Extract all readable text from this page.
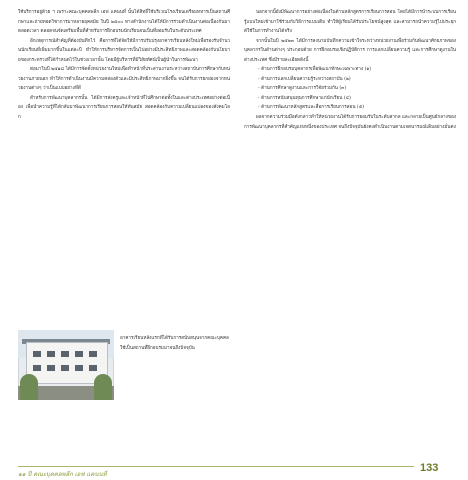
ใช้บริการอยู่ด้วย ฯ เพราะคณะบุคคลพลีก เอฟ แคนนที่ นั้นได้สิทธิ์ใช้บริเวณโรงเรียนเตรียมทหารเป็นสถานศึกษาและถ่ายทอดวิชาการมาหลายยุคสมัย ในปี ๒๕๐๐ ทางสำนักงานได้ให้มีการร่วมดำเนินงานต่อเนื่องกันมาตลอดเวลา ตลอดจนจัดเตรียมพื้นที่สำหรับการฝึกอบรมนักเรียนจนเป็นที่ยอมรับในระดับประเทศ

อีกเหตุการณ์สำคัญที่ต้องบันทึกไว้ คือการที่ได้จัดให้มีการปรับปรุงอาคารเรียนหลังใหม่เพื่อรองรับจำนวนนักเรียนที่เพิ่มมากขึ้นในแต่ละปี ทำให้การบริหารจัดการเป็นไปอย่างมีประสิทธิภาพและสอดคล้องกับนโยบายของกระทรวงที่ได้กำหนดไว้ในช่วงเวลานั้น โดยมีผู้บริหารที่มีวิสัยทัศน์เป็นผู้นำในการพัฒนา

ต่อมาในปี ๒๕๑๘ ได้มีการจัดตั้งหน่วยงานใหม่เพื่อทำหน้าที่ประสานงานระหว่างสถาบันการศึกษากับหน่วยงานภายนอก ทำให้การดำเนินงานมีความคล่องตัวและมีประสิทธิภาพมากยิ่งขึ้น จนได้รับการยกย่องจากหน่วยงานต่างๆ ว่าเป็นแบบอย่างที่ดี

สำหรับการพัฒนาบุคลากรนั้น ได้มีการส่งครูและเจ้าหน้าที่ไปศึกษาต่อทั้งในและต่างประเทศอย่างต่อเนื่อง เพื่อนำความรู้ที่ได้กลับมาพัฒนาการเรียนการสอนให้ทันสมัย สอดคล้องกับความเปลี่ยนแปลงของสังคมโลก

อาคารเรียนหลังแรกที่ได้รับการสนับสนุนจากคณะบุคคล ใช้เป็นสถานที่ฝึกอบรมมาจนถึงปัจจุบัน

นอกจากนี้ยังมีพัฒนาการอย่างต่อเนื่องในด้านหลักสูตรการเรียนการสอน โดยได้มีการนำระบบการเรียนรู้แบบใหม่เข้ามาใช้ร่วมกับวิธีการแบบเดิม ทำให้ผู้เรียนได้รับประโยชน์สูงสุด และสามารถนำความรู้ไปประยุกต์ใช้ในการทำงานได้จริง

จากนั้นในปี ๒๕๒๓ ได้มีการลงนามบันทึกความเข้าใจระหว่างหน่วยงานเพื่อร่วมกันพัฒนาศักยภาพของบุคลากรในด้านต่างๆ ประกอบด้วย การฝึกอบรมเชิงปฏิบัติการ การแลกเปลี่ยนความรู้ และการศึกษาดูงานในต่างประเทศ ซึ่งมีรายละเอียดดังนี้

- ด้านการฝึกอบรมบุคลากรเพื่อพัฒนาทักษะเฉพาะทาง (๑)
- ด้านการแลกเปลี่ยนความรู้ระหว่างสถาบัน (๒)
- ด้านการศึกษาดูงานและการวิจัยร่วมกัน (๓)
- ด้านการสนับสนุนทุนการศึกษาแก่นักเรียน (๔)
- ด้านการพัฒนาหลักสูตรและสื่อการเรียนการสอน (๕)

ผลจากความร่วมมือดังกล่าวทำให้หน่วยงานได้รับการยอมรับในระดับสากล และกลายเป็นศูนย์กลางของการพัฒนาบุคลากรที่สำคัญแห่งหนึ่งของประเทศ จนถึงปัจจุบันยังคงดำเนินงานตามเจตนารมณ์เดิมอย่างมั่นคง

๑๑ ปี คณะบุคคลพลีก เอฟ แคนนที่
133
